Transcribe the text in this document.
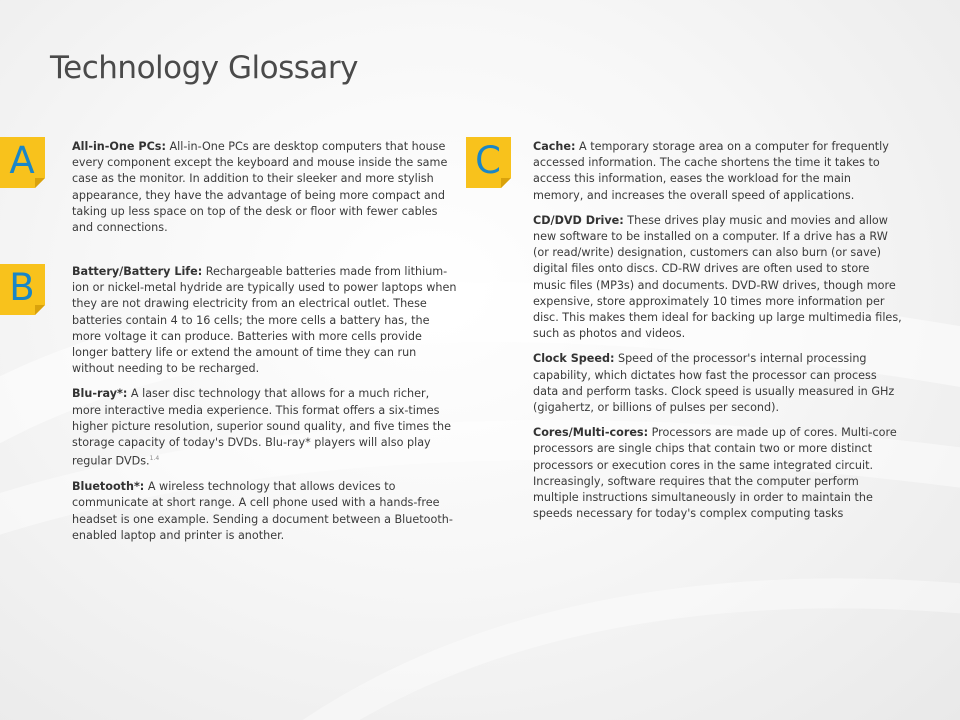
Technology Glossary
A
B
C

All-in-One PCs: All-in-One PCs are desktop computers that house every component except the keyboard and mouse inside the same case as the monitor. In addition to their sleeker and more stylish appearance, they have the advantage of being more compact and taking up less space on top of the desk or floor with fewer cables and connections.

Battery/Battery Life: Rechargeable batteries made from lithium-ion or nickel-metal hydride are typically used to power laptops when they are not drawing electricity from an electrical outlet. These batteries contain 4 to 16 cells; the more cells a battery has, the more voltage it can produce. Batteries with more cells provide longer battery life or extend the amount of time they can run without needing to be recharged.

Blu-ray*: A laser disc technology that allows for a much richer, more interactive media experience. This format offers a six-times higher picture resolution, superior sound quality, and five times the storage capacity of today's DVDs. Blu-ray* players will also play regular DVDs.$^{1.4}$

Bluetooth*: A wireless technology that allows devices to communicate at short range. A cell phone used with a hands-free headset is one example. Sending a document between a Bluetooth-enabled laptop and printer is another.

Cache: A temporary storage area on a computer for frequently accessed information. The cache shortens the time it takes to access this information, eases the workload for the main memory, and increases the overall speed of applications.

CD/DVD Drive: These drives play music and movies and allow new software to be installed on a computer. If a drive has a RW (or read/write) designation, customers can also burn (or save) digital files onto discs. CD-RW drives are often used to store music files (MP3s) and documents. DVD-RW drives, though more expensive, store approximately 10 times more information per disc. This makes them ideal for backing up large multimedia files, such as photos and videos.

Clock Speed: Speed of the processor's internal processing capability, which dictates how fast the processor can process data and perform tasks. Clock speed is usually measured in GHz (gigahertz, or billions of pulses per second).

Cores/Multi-cores: Processors are made up of cores. Multi-core processors are single chips that contain two or more distinct processors or execution cores in the same integrated circuit. Increasingly, software requires that the computer perform multiple instructions simultaneously in order to maintain the speeds necessary for today's complex computing tasks
